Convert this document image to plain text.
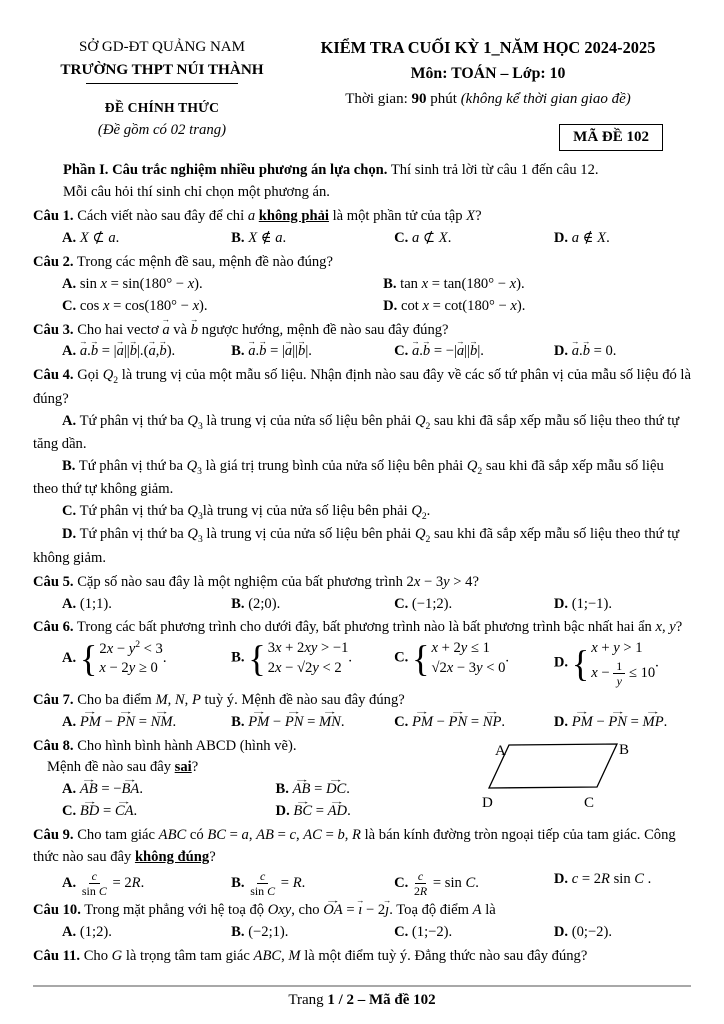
SỞ GD-ĐT QUẢNG NAM
TRƯỜNG THPT NÚI THÀNH
ĐỀ CHÍNH THỨC
(Đề gồm có 02 trang)
KIỂM TRA CUỐI KỲ 1_NĂM HỌC 2024-2025
Môn: TOÁN – Lớp: 10
Thời gian: 90 phút (không kể thời gian giao đề)
MÃ ĐỀ 102
Phần I. Câu trắc nghiệm nhiều phương án lựa chọn. Thí sinh trả lời từ câu 1 đến câu 12.
Mỗi câu hỏi thí sinh chỉ chọn một phương án.
Câu 1. Cách viết nào sau đây để chỉ a không phải là một phần tử của tập X?
A. X ⊄ a.	B. X ∉ a.	C. a ⊄ X.	D. a ∉ X.
Câu 2. Trong các mệnh đề sau, mệnh đề nào đúng?
A. sin x = sin(180° − x).	B. tan x = tan(180° − x).
C. cos x = cos(180° − x).	D. cot x = cot(180° − x).
Câu 3. Cho hai vectơ a → và b → ngược hướng, mệnh đề nào sau đây đúng?
A. a →.b → = |a →||b →|.(a →,b →).	B. a →.b → = |a →||b →|.	C. a →.b → = −|a →||b →|.	D. a →.b → = 0.
Câu 4. Gọi $Q_2$ là trung vị của một mẫu số liệu. Nhận định nào sau đây về các số tứ phân vị của mẫu số liệu đó là đúng?
A. Tứ phân vị thứ ba $Q_3$ là trung vị của nửa số liệu bên phải $Q_2$ sau khi đã sắp xếp mẫu số liệu theo thứ tự tăng dần.
B. Tứ phân vị thứ ba $Q_3$ là giá trị trung bình của nửa số liệu bên phải $Q_2$ sau khi đã sắp xếp mẫu số liệu theo thứ tự không giảm.
C. Tứ phân vị thứ ba $Q_3là$ trung vị của nửa số liệu bên phải $Q_2$.
D. Tứ phân vị thứ ba $Q_3$ là trung vị của nửa số liệu bên phải $Q_2$ sau khi đã sắp xếp mẫu số liệu theo thứ tự không giảm.
Câu 5. Cặp số nào sau đây là một nghiệm của bất phương trình 2x − 3y > 4?
A. (1;1).	B. (2;0).	C. (−1;2).	D. (1;−1).
Câu 6. Trong các bất phương trình cho dưới đây, bất phương trình nào là bất phương trình bậc nhất hai ẩn x, y?
A. { $2x - y^2 < 3$
x − 2y ≥ 0
.	B. { 3x + 2xy > −1
2x − √2y < 2
.	C. { x + 2y ≤ 1
√2x − 3y < 0
.	D. { x + y > 1
$x - \frac{1}{y} \le 10$
.
Câu 7. Cho ba điểm M, N, P tuỳ ý. Mệnh đề nào sau đây đúng?
A. PM → − PN → = NM →.	B. PM → − PN → = MN →.	C. PM → − PN → = NP →.	D. PM → − PN → = MP →.
Câu 8. Cho hình bình hành ABCD (hình vẽ).
Mệnh đề nào sau đây sai?
A. AB → = −BA →.	B. AB → = DC →.
C. BD → = CA →.	D. BC → = AD →.
A	B
D	C
Câu 9. Cho tam giác ABC có BC = a, AB = c, AC = b, R là bán kính đường tròn ngoại tiếp của tam giác. Công thức nào sau đây không đúng?
A. $\frac{c}{\text{sin C}} = 2R$.	B. $\frac{c}{\text{sin C}} = R$.	C. $\frac{c}{2R} = \sin C$.	D. c = 2R sin C .
Câu 10. Trong mặt phẳng với hệ toạ độ Oxy, cho OA → = ı → − 2ȷ →. Toạ độ điểm A là
A. (1;2).	B. (−2;1).	C. (1;−2).	D. (0;−2).
Câu 11. Cho G là trọng tâm tam giác ABC, M là một điểm tuỳ ý. Đẳng thức nào sau đây đúng?
Trang 1 / 2 – Mã đề 102
